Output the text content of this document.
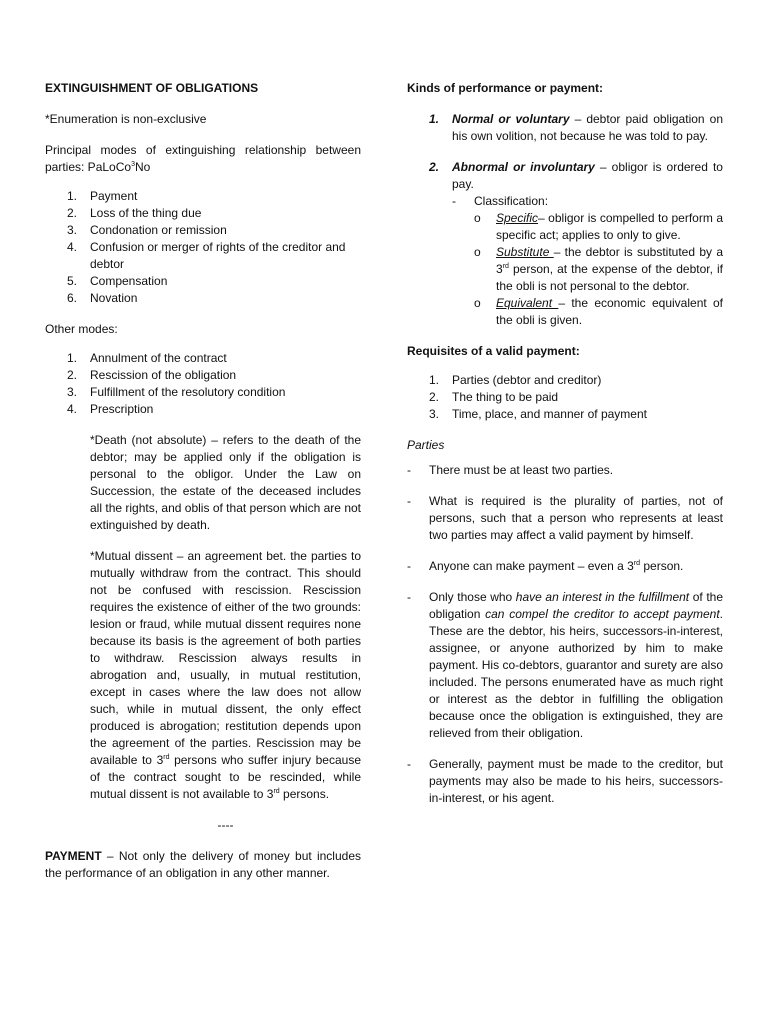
EXTINGUISHMENT OF OBLIGATIONS

*Enumeration is non-exclusive

Principal modes of extinguishing relationship between parties: PaLoCo$^3$No

1. Payment
2. Loss of the thing due
3. Condonation or remission
4. Confusion or merger of rights of the creditor and debtor
5. Compensation
6. Novation

Other modes:

1. Annulment of the contract
2. Rescission of the obligation
3. Fulfillment of the resolutory condition
4. Prescription

*Death (not absolute) – refers to the death of the debtor; may be applied only if the obligation is personal to the obligor. Under the Law on Succession, the estate of the deceased includes all the rights, and oblis of that person which are not extinguished by death.

*Mutual dissent – an agreement bet. the parties to mutually withdraw from the contract. This should not be confused with rescission. Rescission requires the existence of either of the two grounds: lesion or fraud, while mutual dissent requires none because its basis is the agreement of both parties to withdraw. Rescission always results in abrogation and, usually, in mutual restitution, except in cases where the law does not allow such, while in mutual dissent, the only effect produced is abrogation; restitution depends upon the agreement of the parties. Rescission may be available to 3rd persons who suffer injury because of the contract sought to be rescinded, while mutual dissent is not available to 3rd persons.

----

PAYMENT – Not only the delivery of money but includes the performance of an obligation in any other manner.

Kinds of performance or payment:

1. Normal or voluntary – debtor paid obligation on his own volition, not because he was told to pay.
2. Abnormal or involuntary – obligor is ordered to pay.
- Classification:
o Specific– obligor is compelled to perform a specific act; applies to only to give.
o Substitute – the debtor is substituted by a 3rd person, at the expense of the debtor, if the obli is not personal to the debtor.
o Equivalent – the economic equivalent of the obli is given.

Requisites of a valid payment:

1. Parties (debtor and creditor)
2. The thing to be paid
3. Time, place, and manner of payment

Parties

- There must be at least two parties.
- What is required is the plurality of parties, not of persons, such that a person who represents at least two parties may affect a valid payment by himself.
- Anyone can make payment – even a 3rd person.
- Only those who have an interest in the fulfillment of the obligation can compel the creditor to accept payment. These are the debtor, his heirs, successors-in-interest, assignee, or anyone authorized by him to make payment. His co-debtors, guarantor and surety are also included. The persons enumerated have as much right or interest as the debtor in fulfilling the obligation because once the obligation is extinguished, they are relieved from their obligation.
- Generally, payment must be made to the creditor, but payments may also be made to his heirs, successors-in-interest, or his agent.
